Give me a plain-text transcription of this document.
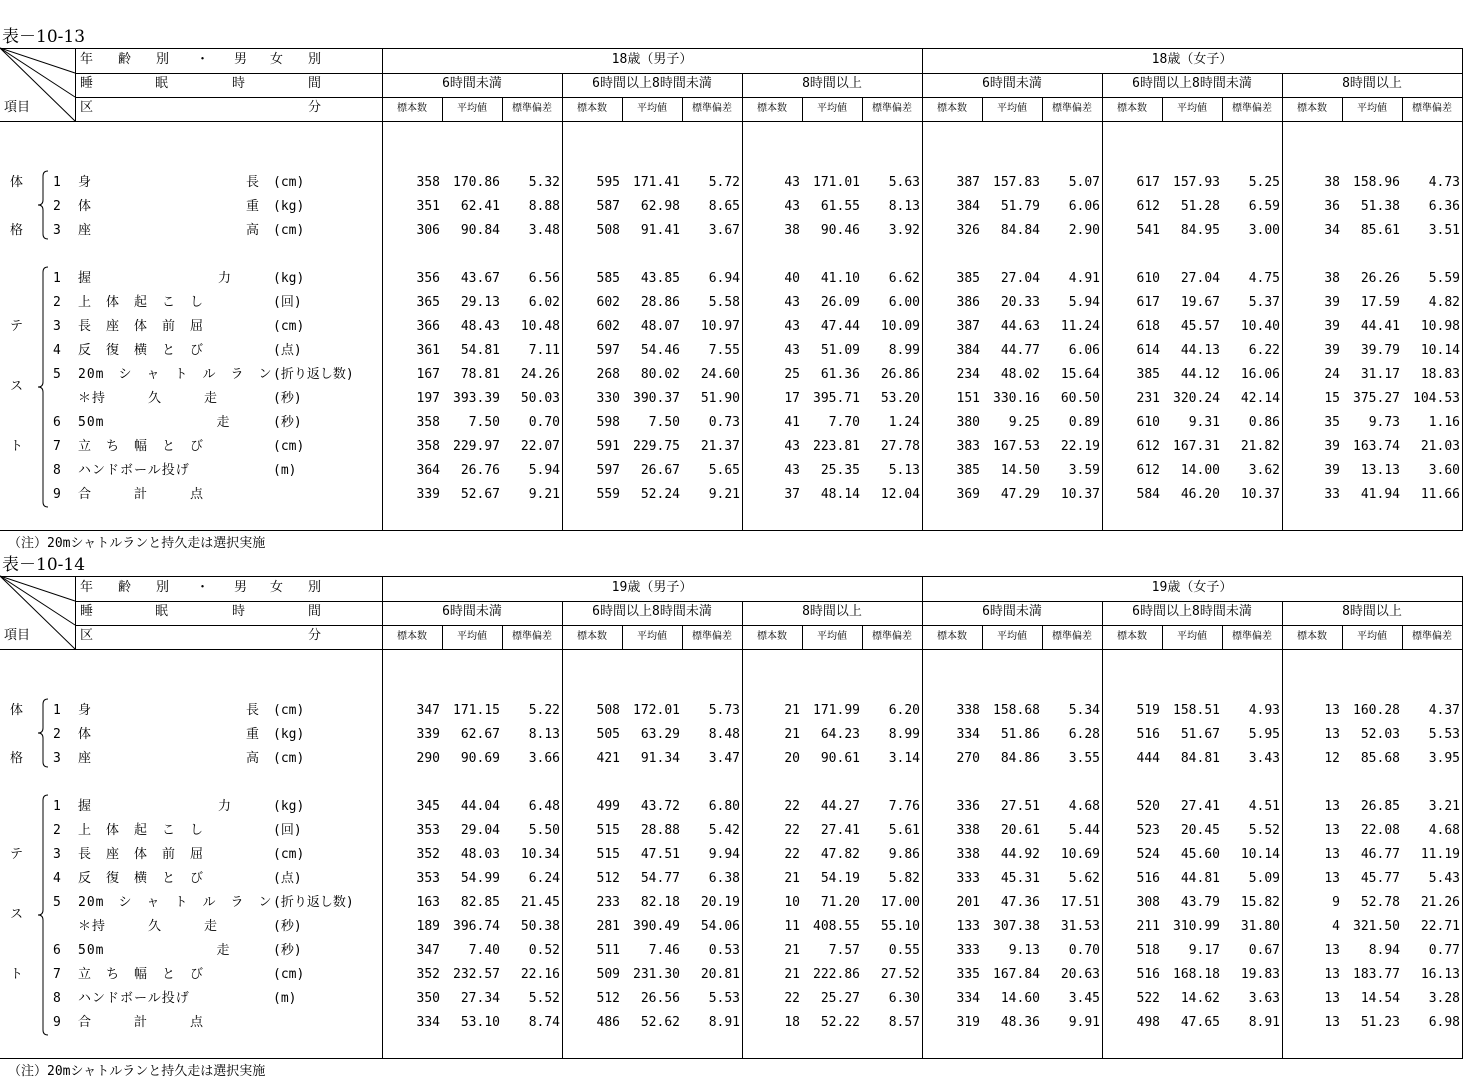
表－10-13
年 齢 別 ・ 男 女 別
睡	眠	時	間
区	分
項目
18歳（男子）	18歳（女子）
6時間未満
標本数	平均値	標準偏差
6時間以上8時間未満
標本数	平均値	標準偏差
8時間以上
標本数	平均値	標準偏差
6時間未満
標本数	平均値	標準偏差
6時間以上8時間未満
標本数	平均値	標準偏差
8時間以上
標本数	平均値	標準偏差
体
格
1 身	長 (cm)	358	170.86	5.32	595	171.41	5.72	43	171.01	5.63	387	157.83	5.07	617	157.93	5.25	38	158.96	4.73
2 体	重 (kg)	351	62.41	8.88	587	62.98	8.65	43	61.55	8.13	384	51.79	6.06	612	51.28	6.59	36	51.38	6.36
3 座	高 (cm)	306	90.84	3.48	508	91.41	3.67	38	90.46	3.92	326	84.84	2.90	541	84.95	3.00	34	85.61	3.51
テ
ス
ト
1 握　　　　　　　　　力	(kg)	356	43.67	6.56	585	43.85	6.94	40	41.10	6.62	385	27.04	4.91	610	27.04	4.75	38	26.26	5.59
2 上　体　起　こ　し	(回)	365	29.13	6.02	602	28.86	5.58	43	26.09	6.00	386	20.33	5.94	617	19.67	5.37	39	17.59	4.82
3 長　座　体　前　屈	(cm)	366	48.43	10.48	602	48.07	10.97	43	47.44	10.09	387	44.63	11.24	618	45.57	10.40	39	44.41	10.98
4 反　復　横　と　び	(点)	361	54.81	7.11	597	54.46	7.55	43	51.09	8.99	384	44.77	6.06	614	44.13	6.22	39	39.79	10.14
5 20m　シ　ャ　ト　ル　ラ　ン (折り返し数)	167	78.81	24.26	268	80.02	24.60	25	61.36	26.86	234	48.02	15.64	385	44.12	16.06	24	31.17	18.83
＊持　　　久　　　走	(秒)	197	393.39	50.03	330	390.37	51.90	17	395.71	53.20	151	330.16	60.50	231	320.24	42.14	15	375.27	104.53
6 50m　　　　　　　　走	(秒)	358	7.50	0.70	598	7.50	0.73	41	7.70	1.24	380	9.25	0.89	610	9.31	0.86	35	9.73	1.16
7 立　ち　幅　と　び	(cm)	358	229.97	22.07	591	229.75	21.37	43	223.81	27.78	383	167.53	22.19	612	167.31	21.82	39	163.74	21.03
8 ハンドボール投げ	(m)	364	26.76	5.94	597	26.67	5.65	43	25.35	5.13	385	14.50	3.59	612	14.00	3.62	39	13.13	3.60
9 合　　　計　　　点	339	52.67	9.21	559	52.24	9.21	37	48.14	12.04	369	47.29	10.37	584	46.20	10.37	33	41.94	11.66
（注）20mシャトルランと持久走は選択実施
表－10-14
年 齢 別 ・ 男 女 別
睡	眠	時	間
区	分
項目
19歳（男子）	19歳（女子）
6時間未満
標本数	平均値	標準偏差
6時間以上8時間未満
標本数	平均値	標準偏差
8時間以上
標本数	平均値	標準偏差
6時間未満
標本数	平均値	標準偏差
6時間以上8時間未満
標本数	平均値	標準偏差
8時間以上
標本数	平均値	標準偏差
体
格
1 身	長 (cm)	347	171.15	5.22	508	172.01	5.73	21	171.99	6.20	338	158.68	5.34	519	158.51	4.93	13	160.28	4.37
2 体	重 (kg)	339	62.67	8.13	505	63.29	8.48	21	64.23	8.99	334	51.86	6.28	516	51.67	5.95	13	52.03	5.53
3 座	高 (cm)	290	90.69	3.66	421	91.34	3.47	20	90.61	3.14	270	84.86	3.55	444	84.81	3.43	12	85.68	3.95
テ
ス
ト
1 握　　　　　　　　　力	(kg)	345	44.04	6.48	499	43.72	6.80	22	44.27	7.76	336	27.51	4.68	520	27.41	4.51	13	26.85	3.21
2 上　体　起　こ　し	(回)	353	29.04	5.50	515	28.88	5.42	22	27.41	5.61	338	20.61	5.44	523	20.45	5.52	13	22.08	4.68
3 長　座　体　前　屈	(cm)	352	48.03	10.34	515	47.51	9.94	22	47.82	9.86	338	44.92	10.69	524	45.60	10.14	13	46.77	11.19
4 反　復　横　と　び	(点)	353	54.99	6.24	512	54.77	6.38	21	54.19	5.82	333	45.31	5.62	516	44.81	5.09	13	45.77	5.43
5 20m　シ　ャ　ト　ル　ラ　ン (折り返し数)	163	82.85	21.45	233	82.18	20.19	10	71.20	17.00	201	47.36	17.51	308	43.79	15.82	9	52.78	21.26
＊持　　　久　　　走	(秒)	189	396.74	50.38	281	390.49	54.06	11	408.55	55.10	133	307.38	31.53	211	310.99	31.80	4	321.50	22.71
6 50m　　　　　　　　走	(秒)	347	7.40	0.52	511	7.46	0.53	21	7.57	0.55	333	9.13	0.70	518	9.17	0.67	13	8.94	0.77
7 立　ち　幅　と　び	(cm)	352	232.57	22.16	509	231.30	20.81	21	222.86	27.52	335	167.84	20.63	516	168.18	19.83	13	183.77	16.13
8 ハンドボール投げ	(m)	350	27.34	5.52	512	26.56	5.53	22	25.27	6.30	334	14.60	3.45	522	14.62	3.63	13	14.54	3.28
9 合　　　計　　　点	334	53.10	8.74	486	52.62	8.91	18	52.22	8.57	319	48.36	9.91	498	47.65	8.91	13	51.23	6.98
（注）20mシャトルランと持久走は選択実施
